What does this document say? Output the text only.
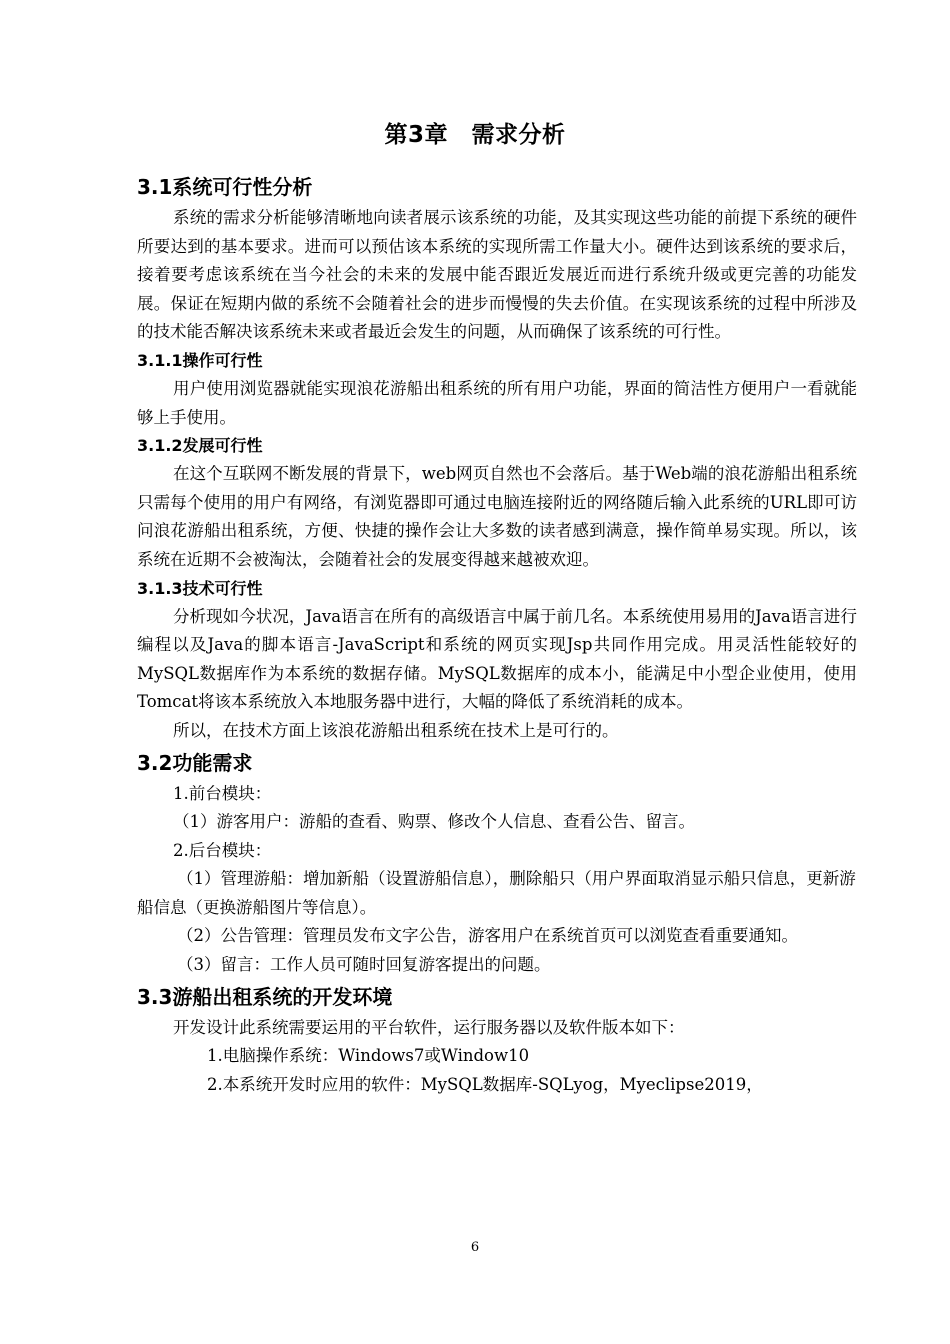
第3章　需求分析
3.1系统可行性分析

系统的需求分析能够清晰地向读者展示该系统的功能，及其实现这些功能的前提下系统的硬件所要达到的基本要求。进而可以预估该本系统的实现所需工作量大小。硬件达到该系统的要求后，接着要考虑该系统在当今社会的未来的发展中能否跟近发展近而进行系统升级或更完善的功能发展。保证在短期内做的系统不会随着社会的进步而慢慢的失去价值。在实现该系统的过程中所涉及的技术能否解决该系统未来或者最近会发生的问题，从而确保了该系统的可行性。

3.1.1操作可行性

用户使用浏览器就能实现浪花游船出租系统的所有用户功能，界面的简洁性方便用户一看就能够上手使用。

3.1.2发展可行性

在这个互联网不断发展的背景下，web网页自然也不会落后。基于Web端的浪花游船出租系统只需每个使用的用户有网络，有浏览器即可通过电脑连接附近的网络随后输入此系统的URL即可访问浪花游船出租系统，方便、快捷的操作会让大多数的读者感到满意，操作简单易实现。所以，该系统在近期不会被淘汰，会随着社会的发展变得越来越被欢迎。

3.1.3技术可行性

分析现如今状况，Java语言在所有的高级语言中属于前几名。本系统使用易用的Java语言进行编程以及Java的脚本语言-JavaScript和系统的网页实现Jsp共同作用完成。用灵活性能较好的MySQL数据库作为本系统的数据存储。MySQL数据库的成本小，能满足中小型企业使用，使用Tomcat将该本系统放入本地服务器中进行，大幅的降低了系统消耗的成本。

所以，在技术方面上该浪花游船出租系统在技术上是可行的。

3.2功能需求

1.前台模块：

（1）游客用户：游船的查看、购票、修改个人信息、查看公告、留言。

2.后台模块：

（1）管理游船：增加新船（设置游船信息），删除船只（用户界面取消显示船只信息，更新游船信息（更换游船图片等信息）。

（2）公告管理：管理员发布文字公告，游客用户在系统首页可以浏览查看重要通知。

（3）留言：工作人员可随时回复游客提出的问题。

3.3游船出租系统的开发环境

开发设计此系统需要运用的平台软件，运行服务器以及软件版本如下：

1.电脑操作系统：Windows7或Window10

2.本系统开发时应用的软件：MySQL数据库-SQLyog，Myeclipse2019，

6
